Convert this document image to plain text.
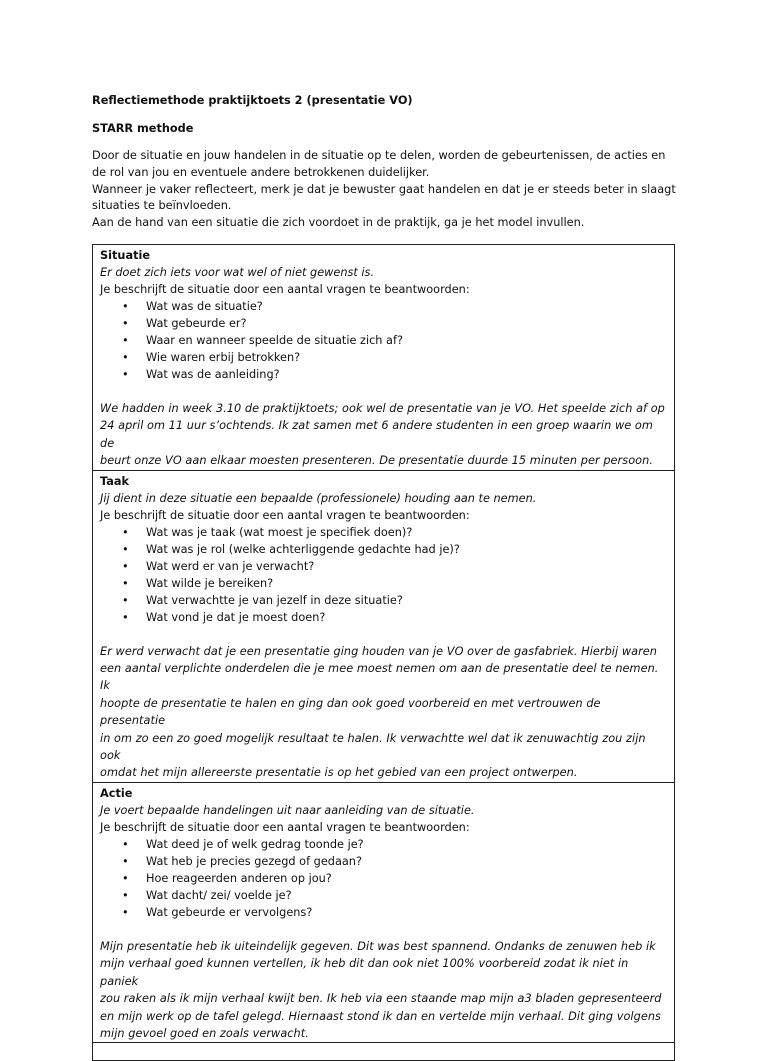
Reflectiemethode praktijktoets 2 (presentatie VO)
STARR methode

Door de situatie en jouw handelen in de situatie op te delen, worden de gebeurtenissen, de acties en

de rol van jou en eventuele andere betrokkenen duidelijker.

Wanneer je vaker reflecteert, merk je dat je bewuster gaat handelen en dat je er steeds beter in slaagt

situaties te beïnvloeden.

Aan de hand van een situatie die zich voordoet in de praktijk, ga je het model invullen.

Situatie
Er doet zich iets voor wat wel of niet gewenst is.
Je beschrijft de situatie door een aantal vragen te beantwoorden:
• Wat was de situatie?
• Wat gebeurde er?
• Waar en wanneer speelde de situatie zich af?
• Wie waren erbij betrokken?
• Wat was de aanleiding?
We hadden in week 3.10 de praktijktoets; ook wel de presentatie van je VO. Het speelde zich af op
24 april om 11 uur s’ochtends. Ik zat samen met 6 andere studenten in een groep waarin we om de
beurt onze VO aan elkaar moesten presenteren. De presentatie duurde 15 minuten per persoon.

Taak
Jij dient in deze situatie een bepaalde (professionele) houding aan te nemen.
Je beschrijft de situatie door een aantal vragen te beantwoorden:
• Wat was je taak (wat moest je specifiek doen)?
• Wat was je rol (welke achterliggende gedachte had je)?
• Wat werd er van je verwacht?
• Wat wilde je bereiken?
• Wat verwachtte je van jezelf in deze situatie?
• Wat vond je dat je moest doen?
Er werd verwacht dat je een presentatie ging houden van je VO over de gasfabriek. Hierbij waren
een aantal verplichte onderdelen die je mee moest nemen om aan de presentatie deel te nemen. Ik
hoopte de presentatie te halen en ging dan ook goed voorbereid en met vertrouwen de presentatie
in om zo een zo goed mogelijk resultaat te halen. Ik verwachtte wel dat ik zenuwachtig zou zijn ook
omdat het mijn allereerste presentatie is op het gebied van een project ontwerpen.

Actie
Je voert bepaalde handelingen uit naar aanleiding van de situatie.
Je beschrijft de situatie door een aantal vragen te beantwoorden:
• Wat deed je of welk gedrag toonde je?
• Wat heb je precies gezegd of gedaan?
• Hoe reageerden anderen op jou?
• Wat dacht/ zei/ voelde je?
• Wat gebeurde er vervolgens?
Mijn presentatie heb ik uiteindelijk gegeven. Dit was best spannend. Ondanks de zenuwen heb ik
mijn verhaal goed kunnen vertellen, ik heb dit dan ook niet 100% voorbereid zodat ik niet in paniek
zou raken als ik mijn verhaal kwijt ben. Ik heb via een staande map mijn a3 bladen gepresenteerd
en mijn werk op de tafel gelegd. Hiernaast stond ik dan en vertelde mijn verhaal. Dit ging volgens
mijn gevoel goed en zoals verwacht.
